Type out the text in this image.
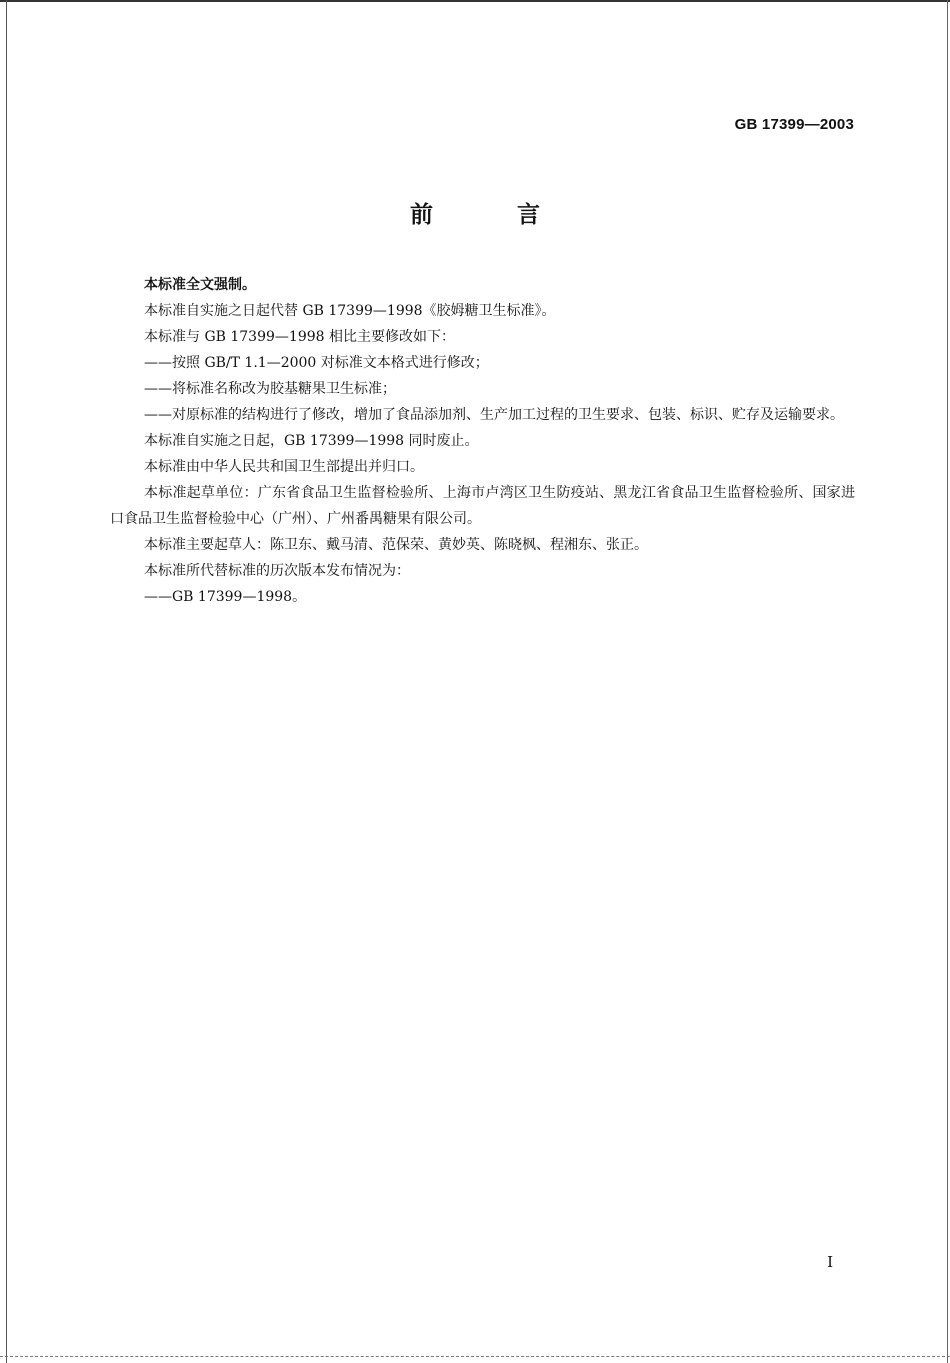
GB 17399—2003
前 言

本标准全文强制。

本标准自实施之日起代替 GB 17399—1998《胶姆糖卫生标准》。

本标准与 GB 17399—1998 相比主要修改如下：

——按照 GB/T 1.1—2000 对标准文本格式进行修改；

——将标准名称改为胶基糖果卫生标准；

——对原标准的结构进行了修改，增加了食品添加剂、生产加工过程的卫生要求、包装、标识、贮存及运输要求。

本标准自实施之日起，GB 17399—1998 同时废止。

本标准由中华人民共和国卫生部提出并归口。

本标准起草单位：广东省食品卫生监督检验所、上海市卢湾区卫生防疫站、黑龙江省食品卫生监督检验所、国家进口食品卫生监督检验中心（广州）、广州番禺糖果有限公司。

本标准主要起草人：陈卫东、戴马清、范保荣、黄妙英、陈晓枫、程湘东、张正。

本标准所代替标准的历次版本发布情况为：

——GB 17399—1998。

I
